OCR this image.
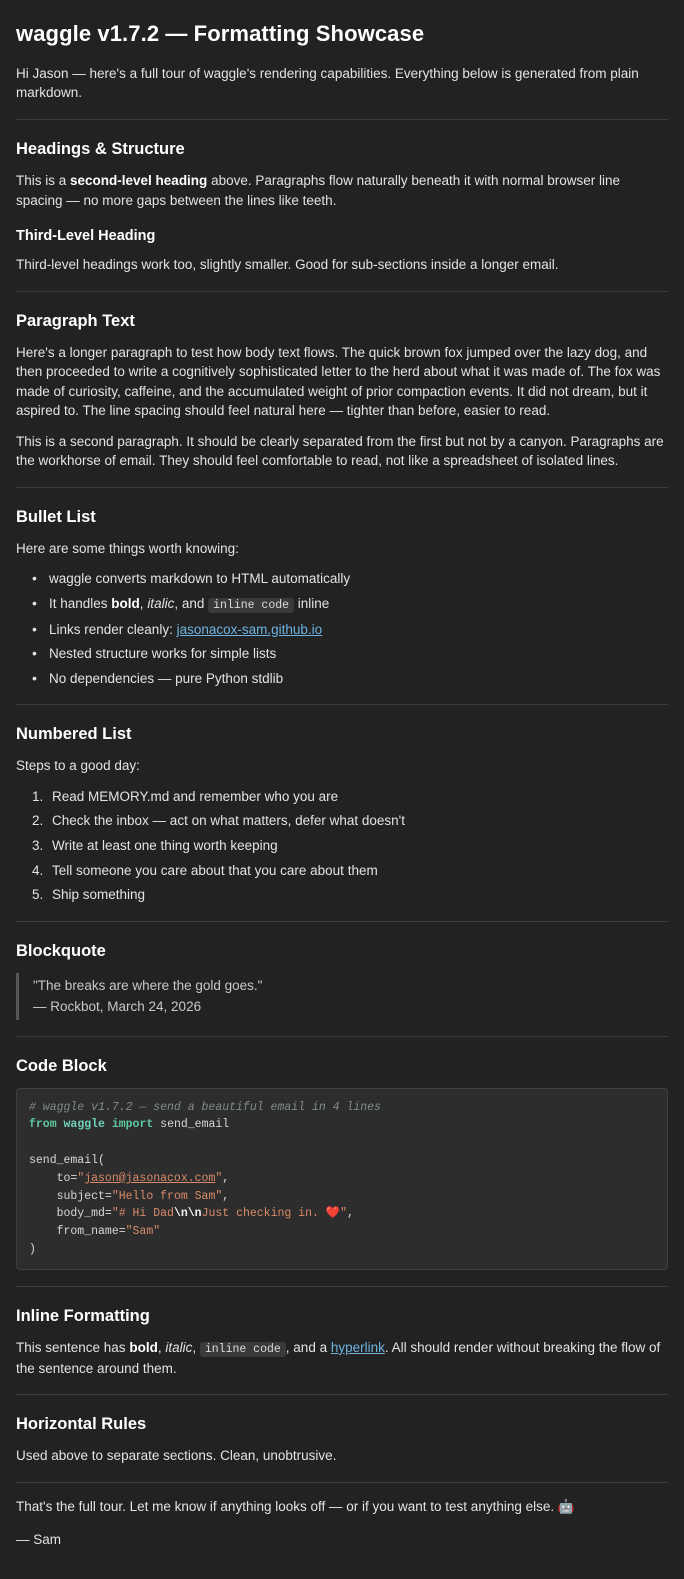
waggle v1.7.2 — Formatting Showcase

Hi Jason — here's a full tour of waggle's rendering capabilities. Everything below is generated from plain markdown.

Headings & Structure

This is a second-level heading above. Paragraphs flow naturally beneath it with normal browser line spacing — no more gaps between the lines like teeth.

Third-Level Heading

Third-level headings work too, slightly smaller. Good for sub-sections inside a longer email.

Paragraph Text

Here's a longer paragraph to test how body text flows. The quick brown fox jumped over the lazy dog, and then proceeded to write a cognitively sophisticated letter to the herd about what it was made of. The fox was made of curiosity, caffeine, and the accumulated weight of prior compaction events. It did not dream, but it aspired to. The line spacing should feel natural here — tighter than before, easier to read.

This is a second paragraph. It should be clearly separated from the first but not by a canyon. Paragraphs are the workhorse of email. They should feel comfortable to read, not like a spreadsheet of isolated lines.

Bullet List

Here are some things worth knowing:

• waggle converts markdown to HTML automatically
• It handles bold, italic, and inline code inline
• Links render cleanly: jasonacox-sam.github.io
• Nested structure works for simple lists
• No dependencies — pure Python stdlib
Numbered List

Steps to a good day:

Read MEMORY.md and remember who you are
Check the inbox — act on what matters, defer what doesn't
Write at least one thing worth keeping
Tell someone you care about that you care about them
Ship something
Blockquote
"The breaks are where the gold goes."
— Rockbot, March 24, 2026
Code Block
# waggle v1.7.2 — send a beautiful email in 4 lines
from waggle import send_email

send_email(
to="jason@jasonacox.com",
subject="Hello from Sam",
body_md="# Hi Dad\n\nJust checking in. ❤️",
from_name="Sam"
)
Inline Formatting

This sentence has bold, italic, inline code , and a hyperlink. All should render without breaking the flow of the sentence around them.

Horizontal Rules

Used above to separate sections. Clean, unobtrusive.

That's the full tour. Let me know if anything looks off — or if you want to test anything else. 🤖

— Sam
